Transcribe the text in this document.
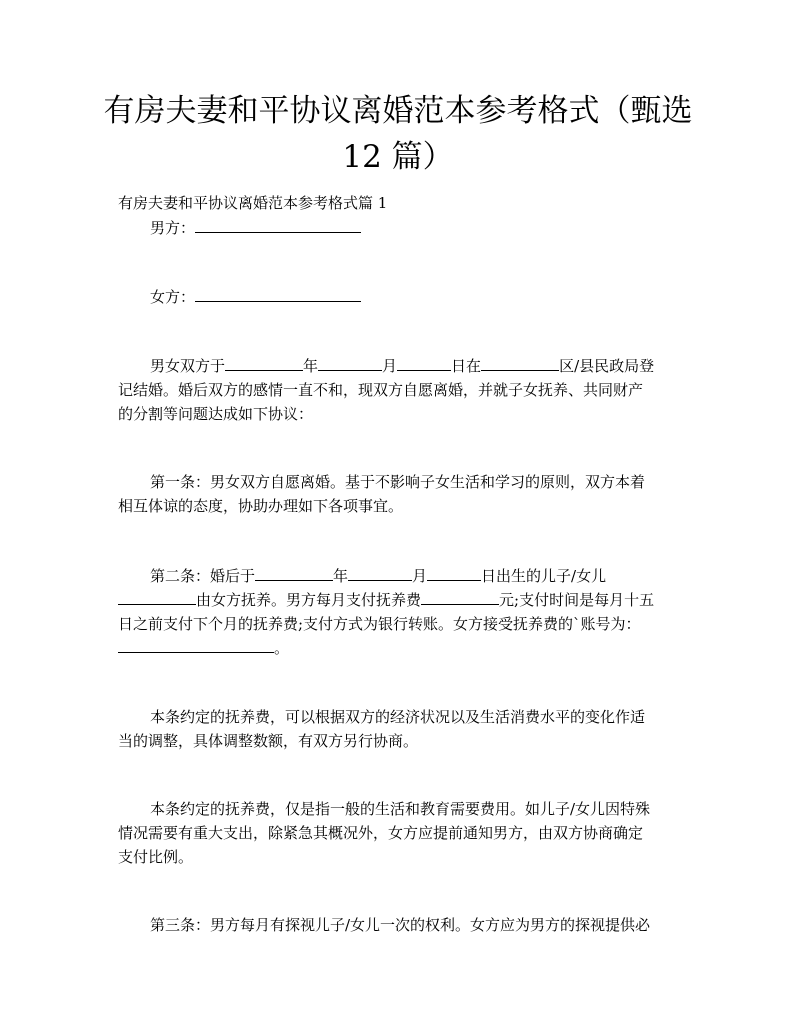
有房夫妻和平协议离婚范本参考格式（甄选
12 篇）

有房夫妻和平协议离婚范本参考格式篇 1

男方：

女方：

男女双方于	年	月	日在	区/县民政局登

记结婚。婚后双方的感情一直不和，现双方自愿离婚，并就子女抚养、共同财产

的分割等问题达成如下协议：

第一条：男女双方自愿离婚。基于不影响子女生活和学习的原则，双方本着

相互体谅的态度，协助办理如下各项事宜。

第二条：婚后于	年	月	日出生的儿子/女儿

由女方抚养。男方每月支付抚养费	元;支付时间是每月十五

日之前支付下个月的抚养费;支付方式为银行转账。女方接受抚养费的`账号为：

。

本条约定的抚养费，可以根据双方的经济状况以及生活消费水平的变化作适

当的调整，具体调整数额，有双方另行协商。

本条约定的抚养费，仅是指一般的生活和教育需要费用。如儿子/女儿因特殊

情况需要有重大支出，除紧急其概况外，女方应提前通知男方，由双方协商确定

支付比例。

第三条：男方每月有探视儿子/女儿一次的权利。女方应为男方的探视提供必
